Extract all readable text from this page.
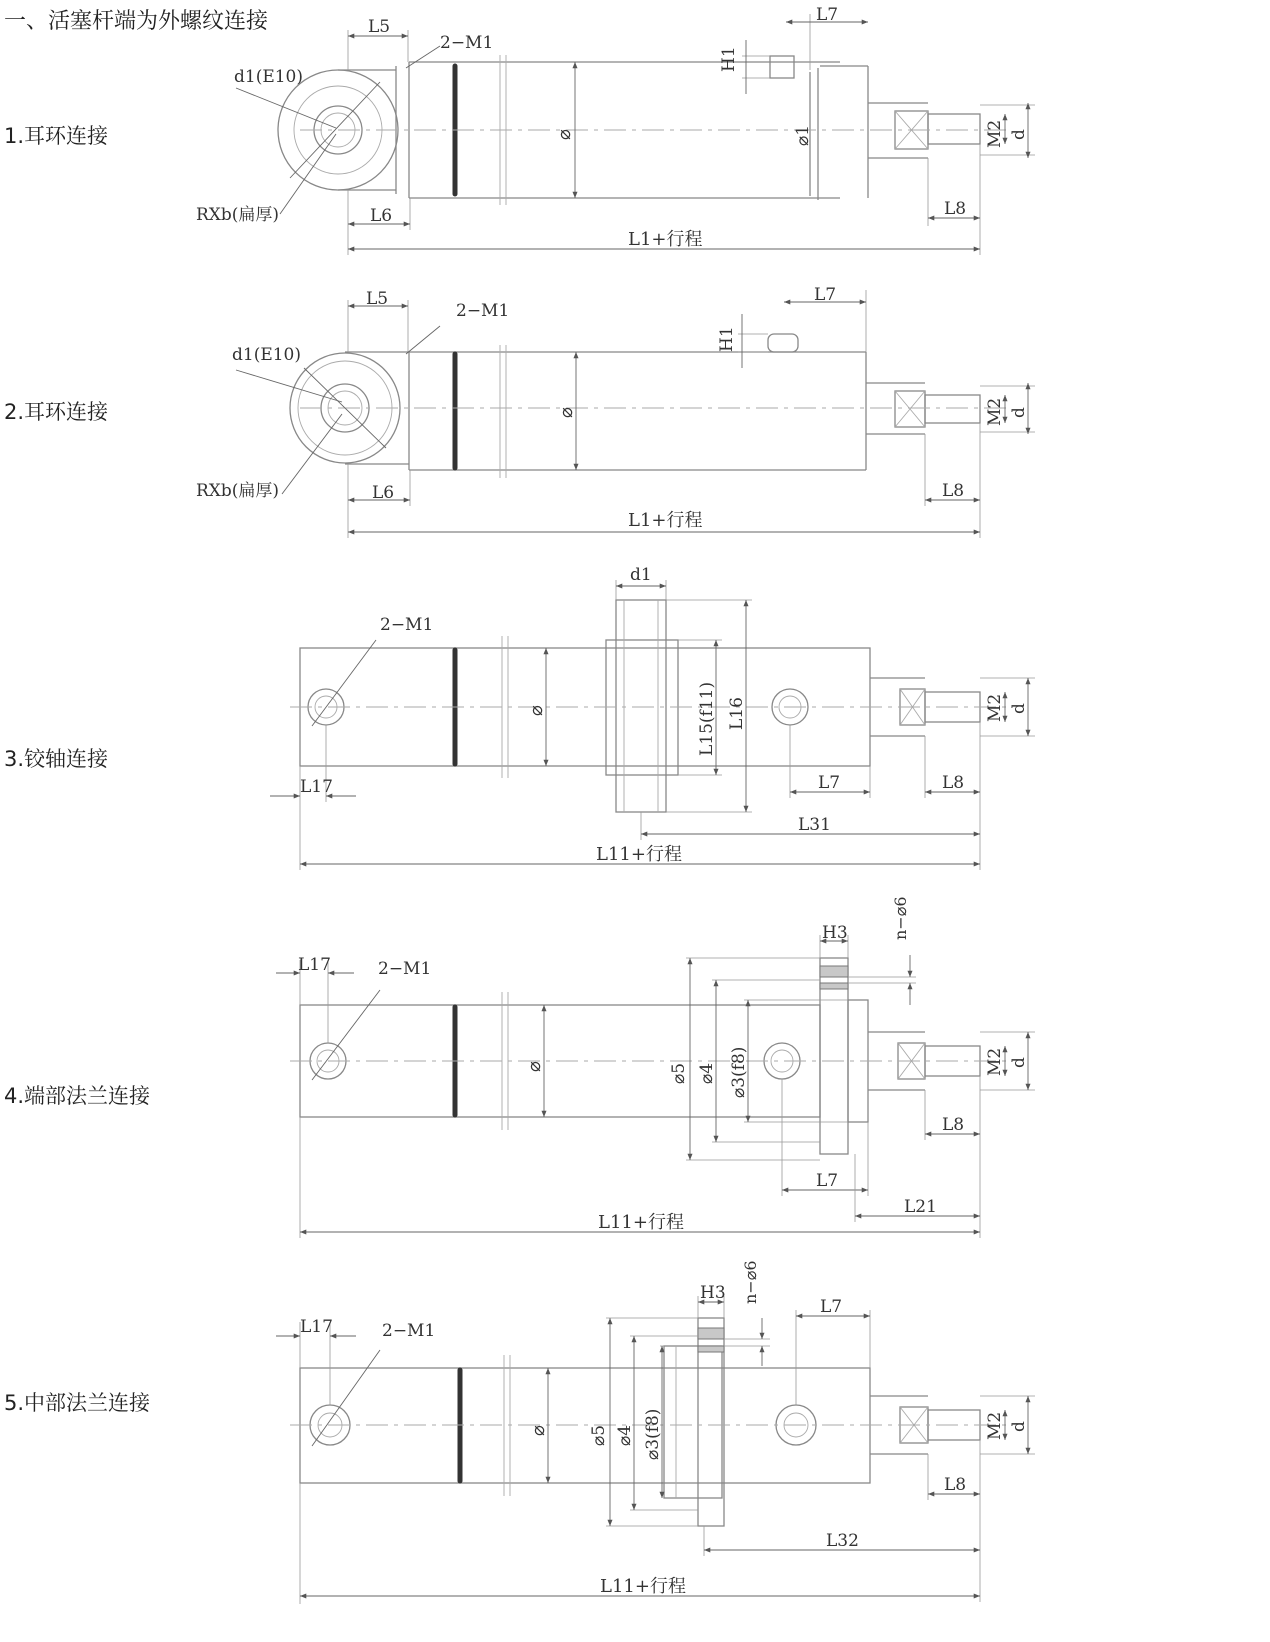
一、活塞杆端为外螺纹连接

1.耳环连接

2.耳环连接

3.铰轴连接

4.端部法兰连接

5.中部法兰连接

L5
2−M1
d1(E10)
RXb(扁厚)	L6
L7
H1
⌀	⌀1	M2 d
L8
L1+行程
L5
2−M1
d1(E10)
RXb(扁厚)	L6
L7
H1
⌀	M2 d
L8
L1+行程
d1
2−M1
⌀	L15(f11) L16
L17	L7	L8
L31
M2 d
L11+行程
L17	2−M1
H3	n−⌀6
⌀	⌀5 ⌀4 ⌀3(f8)	M2 d
L8
L7
L21
L11+行程
L17	2−M1
H3 n−⌀6
L7
⌀ ⌀5 ⌀4 ⌀3(f8)	M2 d
L8
L32
L11+行程
